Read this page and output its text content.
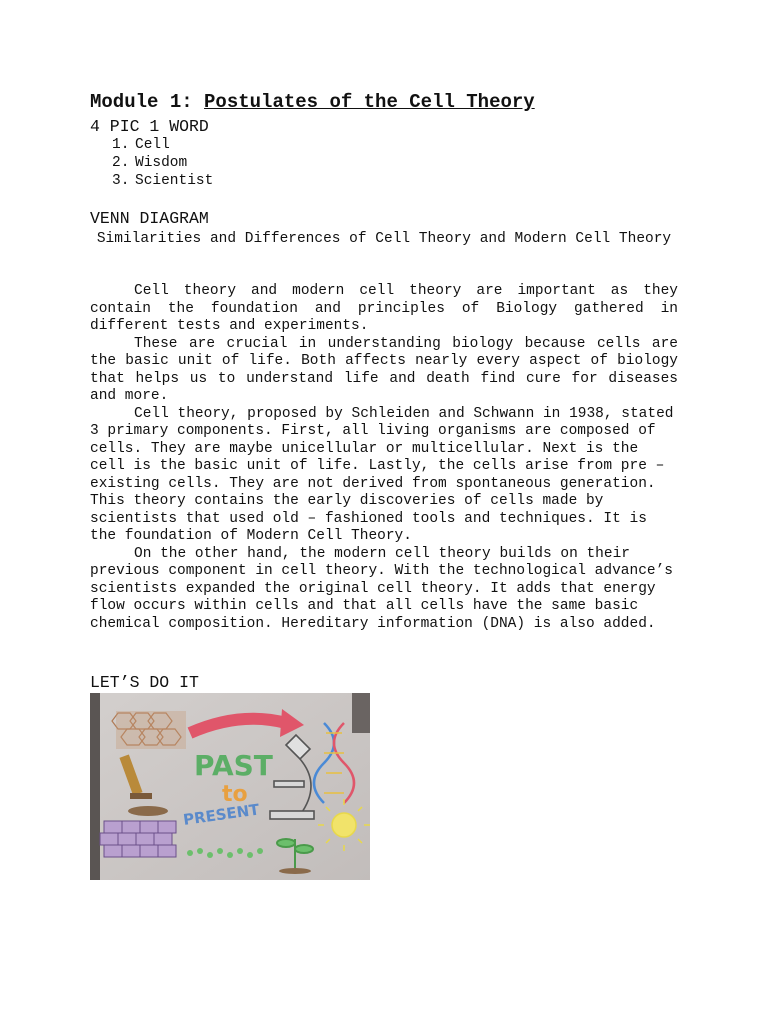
Module 1: Postulates of the Cell Theory
4 PIC 1 WORD
1. Cell
2. Wisdom
3. Scientist
VENN DIAGRAM

Similarities and Differences of Cell Theory and Modern Cell Theory

Cell theory and modern cell theory are important as they contain the foundation and principles of Biology gathered in different tests and experiments.

These are crucial in understanding biology because cells are the basic unit of life. Both affects nearly every aspect of biology that helps us to understand life and death find cure for diseases and more.

Cell theory, proposed by Schleiden and Schwann in 1938, stated 3 primary components. First, all living organisms are composed of cells. They are maybe unicellular or multicellular. Next is the cell is the basic unit of life. Lastly, the cells arise from pre – existing cells. They are not derived from spontaneous generation. This theory contains the early discoveries of cells made by scientists that used old – fashioned tools and techniques. It is the foundation of Modern Cell Theory.

On the other hand, the modern cell theory builds on their previous component in cell theory. With the technological advance’s scientists expanded the original cell theory. It adds that energy flow occurs within cells and that all cells have the same basic chemical composition. Hereditary information (DNA) is also added.

LET’S DO IT
PAST
to
PRESENT
